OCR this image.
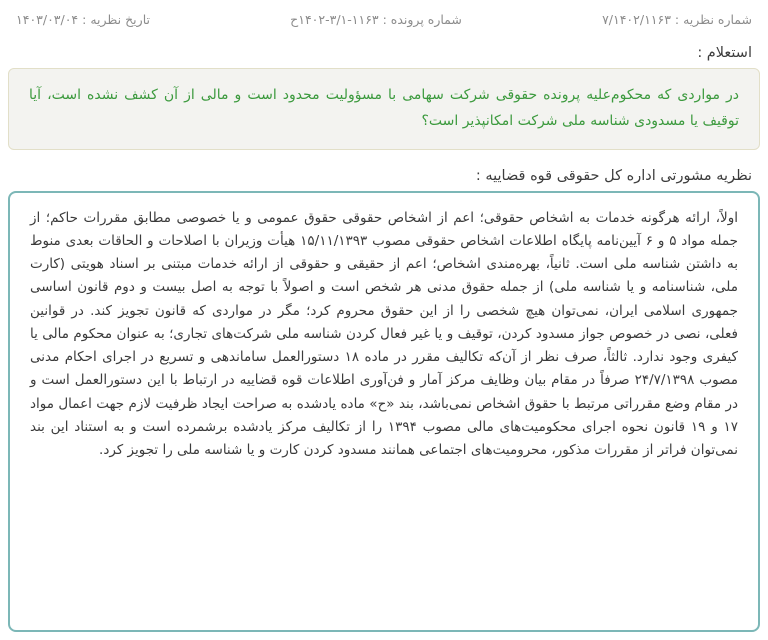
شماره نظریه : ۷/۱۴۰۲/۱۱۶۳
شماره پرونده : ۱۱۶۳-۳/۱-۱۴۰۲ح
تاریخ نظریه : ۱۴۰۳/۰۳/۰۴
استعلام :

در مواردی که محکوم‌علیه پرونده حقوقی شرکت سهامی با مسؤولیت محدود است و مالی از آن کشف نشده است، آیا توقیف یا مسدودی شناسه ملی شرکت امکانپذیر است؟

نظریه مشورتی اداره کل حقوقی قوه قضاییه :

اولاً، ارائه هرگونه خدمات به اشخاص حقوقی؛ اعم از اشخاص حقوقی حقوق عمومی و یا خصوصی مطابق مقررات حاکم؛ از جمله مواد ۵ و ۶ آیین‌نامه پایگاه اطلاعات اشخاص حقوقی مصوب ۱۵/۱۱/۱۳۹۳ هیأت وزیران با اصلاحات و الحاقات بعدی منوط به داشتن شناسه ملی است. ثانیاً، بهره‌مندی اشخاص؛ اعم از حقیقی و حقوقی از ارائه خدمات مبتنی بر اسناد هویتی (کارت ملی، شناسنامه و یا شناسه ملی) از جمله حقوق مدنی هر شخص است و اصولاً با توجه به اصل بیست و دوم قانون اساسی جمهوری اسلامی ایران، نمی‌توان هیچ شخصی را از این حقوق محروم کرد؛ مگر در مواردی که قانون تجویز کند. در قوانین فعلی، نصی در خصوص جواز مسدود کردن، توقیف و یا غیر فعال کردن شناسه ملی شرکت‌های تجاری؛ به عنوان محکوم مالی یا کیفری وجود ندارد. ثالثاً، صرف نظر از آن‌که تکالیف مقرر در ماده ۱۸ دستورالعمل ساماندهی و تسریع در اجرای احکام مدنی مصوب ۲۴/۷/۱۳۹۸ صرفاً در مقام بیان وظایف مرکز آمار و فن‌آوری اطلاعات قوه قضاییه در ارتباط با این دستورالعمل است و در مقام وضع مقرراتی مرتبط با حقوق اشخاص نمی‌باشد، بند «ح» ماده یادشده به صراحت ایجاد ظرفیت لازم جهت اعمال مواد ۱۷ و ۱۹ قانون نحوه اجرای محکومیت‌های مالی مصوب ۱۳۹۴ را از تکالیف مرکز یادشده برشمرده است و به استناد این بند نمی‌توان فراتر از مقررات مذکور، محرومیت‌های اجتماعی همانند مسدود کردن کارت و یا شناسه ملی را تجویز کرد.
